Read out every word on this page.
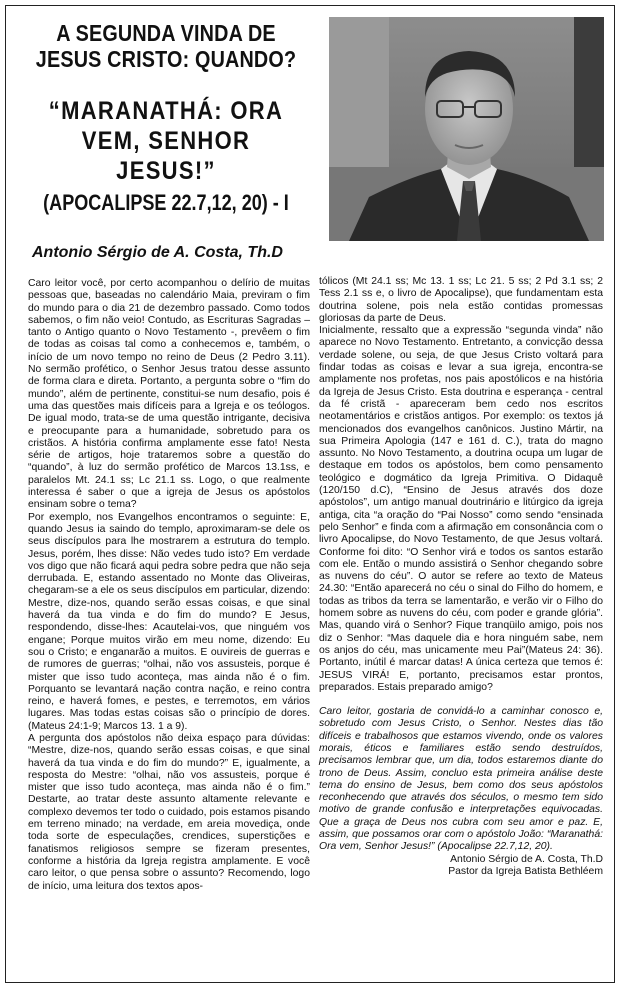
A SEGUNDA VINDA DE
JESUS CRISTO: QUANDO?
“MARANATHÁ: ORA
VEM, SENHOR JESUS!”
(APOCALIPSE 22.7,12, 20) - I
Antonio Sérgio de A. Costa, Th.D

Caro leitor você, por certo acompanhou o delírio de muitas pessoas que, baseadas no calendário Maia, previram o fim do mundo para o dia 21 de dezembro passado. Como todos sabemos, o fim não veio! Contudo, as Escrituras Sagradas – tanto o Antigo quanto o Novo Testamento -, prevêem o fim de todas as coisas tal como a conhecemos e, também, o início de um novo tempo no reino de Deus (2 Pedro 3.11). No sermão profético, o Senhor Jesus tratou desse assunto de forma clara e direta. Portanto, a pergunta sobre o “fim do mundo”, além de pertinente, constitui-se num desafio, pois é uma das questões mais difíceis para a Igreja e os teólogos. De igual modo, trata-se de uma questão intrigante, decisiva e preocupante para a humanidade, sobretudo para os cristãos. A história confirma amplamente esse fato! Nesta série de artigos, hoje trataremos sobre a questão do “quando”, à luz do sermão profético de Marcos 13.1ss, e paralelos Mt. 24.1 ss; Lc 21.1 ss. Logo, o que realmente interessa é saber o que a igreja de Jesus os apóstolos ensinam sobre o tema?

Por exemplo, nos Evangelhos encontramos o seguinte: E, quando Jesus ia saindo do templo, aproximaram-se dele os seus discípulos para lhe mostrarem a estrutura do templo. Jesus, porém, lhes disse: Não vedes tudo isto? Em verdade vos digo que não ficará aqui pedra sobre pedra que não seja derrubada. E, estando assentado no Monte das Oliveiras, chegaram-se a ele os seus discípulos em particular, dizendo: Mestre, dize-nos, quando serão essas coisas, e que sinal haverá da tua vinda e do fim do mundo? E Jesus, respondendo, disse-lhes: Acautelai-vos, que ninguém vos engane; Porque muitos virão em meu nome, dizendo: Eu sou o Cristo; e enganarão a muitos. E ouvireis de guerras e de rumores de guerras; “olhai, não vos assusteis, porque é mister que isso tudo aconteça, mas ainda não é o fim. Porquanto se levantará nação contra nação, e reino contra reino, e haverá fomes, e pestes, e terremotos, em vários lugares. Mas todas estas coisas são o princípio de dores. (Mateus 24:1-9; Marcos 13. 1 a 9).

A pergunta dos apóstolos não deixa espaço para dúvidas: “Mestre, dize-nos, quando serão essas coisas, e que sinal haverá da tua vinda e do fim do mundo?” E, igualmente, a resposta do Mestre: “olhai, não vos assusteis, porque é mister que isso tudo aconteça, mas ainda não é o fim.” Destarte, ao tratar deste assunto altamente relevante e complexo devemos ter todo o cuidado, pois estamos pisando em terreno minado; na verdade, em areia movediça, onde toda sorte de especulações, crendices, superstições e fanatismos religiosos sempre se fizeram presentes, conforme a história da Igreja registra amplamente. E você caro leitor, o que pensa sobre o assunto? Recomendo, logo de início, uma leitura dos textos apos-

tólicos (Mt 24.1 ss; Mc 13. 1 ss; Lc 21. 5 ss; 2 Pd 3.1 ss; 2 Tess 2.1 ss e, o livro de Apocalipse), que fundamentam esta doutrina solene, pois nela estão contidas promessas gloriosas da parte de Deus.

Inicialmente, ressalto que a expressão “segunda vinda” não aparece no Novo Testamento. Entretanto, a convicção dessa verdade solene, ou seja, de que Jesus Cristo voltará para findar todas as coisas e levar a sua igreja, encontra-se amplamente nos profetas, nos pais apostólicos e na história da Igreja de Jesus Cristo. Esta doutrina e esperança - central da fé cristã - apareceram bem cedo nos escritos neotamentários e cristãos antigos. Por exemplo: os textos já mencionados dos evangelhos canônicos. Justino Mártir, na sua Primeira Apologia (147 e 161 d. C.), trata do magno assunto. No Novo Testamento, a doutrina ocupa um lugar de destaque em todos os apóstolos, bem como pensamento teológico e dogmático da Igreja Primitiva. O Didaquê (120/150 d.C), “Ensino de Jesus através dos doze apóstolos”, um antigo manual doutrinário e litúrgico da igreja antiga, cita “a oração do “Pai Nosso” como sendo “ensinada pelo Senhor” e finda com a afirmação em consonância com o livro Apocalipse, do Novo Testamento, de que Jesus voltará. Conforme foi dito: “O Senhor virá e todos os santos estarão com ele. Então o mundo assistirá o Senhor chegando sobre as nuvens do céu”. O autor se refere ao texto de Mateus 24.30: “Então aparecerá no céu o sinal do Filho do homem, e todas as tribos da terra se lamentarão, e verão vir o Filho do homem sobre as nuvens do céu, com poder e grande glória”. Mas, quando virá o Senhor? Fique tranqüilo amigo, pois nos diz o Senhor: “Mas daquele dia e hora ninguém sabe, nem os anjos do céu, mas unicamente meu Pai”(Mateus 24: 36). Portanto, inútil é marcar datas! A única certeza que temos é: JESUS VIRÁ! E, portanto, precisamos estar prontos, preparados. Estais preparado amigo?

Caro leitor, gostaria de convidá-lo a caminhar conosco e, sobretudo com Jesus Cristo, o Senhor. Nestes dias tão difíceis e trabalhosos que estamos vivendo, onde os valores morais, éticos e familiares estão sendo destruídos, precisamos lembrar que, um dia, todos estaremos diante do trono de Deus. Assim, concluo esta primeira análise deste tema do ensino de Jesus, bem como dos seus apóstolos reconhecendo que através dos séculos, o mesmo tem sido motivo de grande confusão e interpretações equivocadas. Que a graça de Deus nos cubra com seu amor e paz. E, assim, que possamos orar com o apóstolo João: “Maranathá: Ora vem, Senhor Jesus!” (Apocalipse 22.7,12, 20).

Antonio Sérgio de A. Costa, Th.D

Pastor da Igreja Batista Bethléem
